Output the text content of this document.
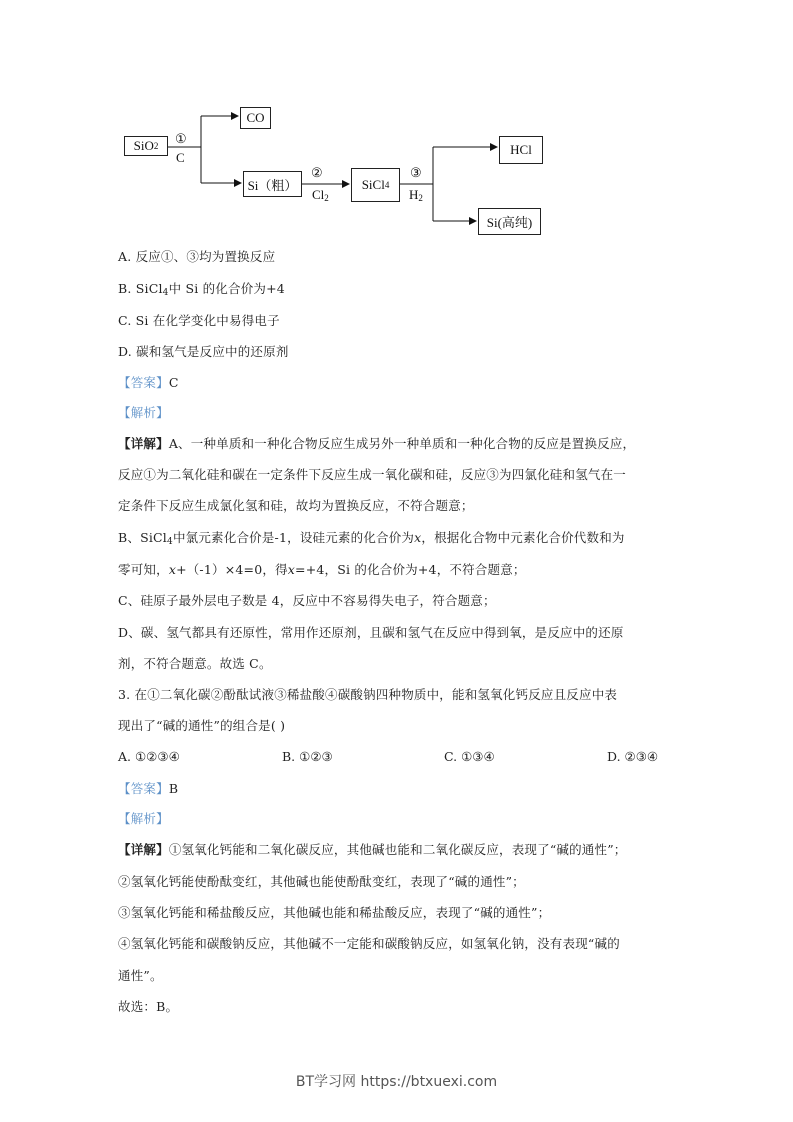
SiO 2
CO
Si（粗）	SiCl 4
HCl
Si(高纯)
①
C
②
$Cl_2$
③
$H_2$
A. 反应①、③均为置换反应
B. SiCl$_4$中 Si 的化合价为+4
C. Si 在化学变化中易得电子
D. 碳和氢气是反应中的还原剂
【答案】C
【解析】
【详解】A、一种单质和一种化合物反应生成另外一种单质和一种化合物的反应是置换反应，
反应①为二氧化硅和碳在一定条件下反应生成一氧化碳和硅，反应③为四氯化硅和氢气在一
定条件下反应生成氯化氢和硅，故均为置换反应，不符合题意；
B、SiCl$_4$中氯元素化合价是-1，设硅元素的化合价为x，根据化合物中元素化合价代数和为
零可知，x+（-1）×4=0，得x=+4，Si 的化合价为+4，不符合题意；
C、硅原子最外层电子数是 4，反应中不容易得失电子，符合题意；
D、碳、氢气都具有还原性，常用作还原剂，且碳和氢气在反应中得到氧，是反应中的还原
剂，不符合题意。故选 C。
3. 在①二氧化碳②酚酞试液③稀盐酸④碳酸钠四种物质中，能和氢氧化钙反应且反应中表
现出了“碱的通性”的组合是( )
A. ①②③④	B. ①②③	C. ①③④	D. ②③④
【答案】B
【解析】
【详解】①氢氧化钙能和二氧化碳反应，其他碱也能和二氧化碳反应，表现了“碱的通性”；
②氢氧化钙能使酚酞变红，其他碱也能使酚酞变红，表现了“碱的通性”；
③氢氧化钙能和稀盐酸反应，其他碱也能和稀盐酸反应，表现了“碱的通性”；
④氢氧化钙能和碳酸钠反应，其他碱不一定能和碳酸钠反应，如氢氧化钠，没有表现“碱的
通性”。
故选：B。
BT学习网 https://btxuexi.com
